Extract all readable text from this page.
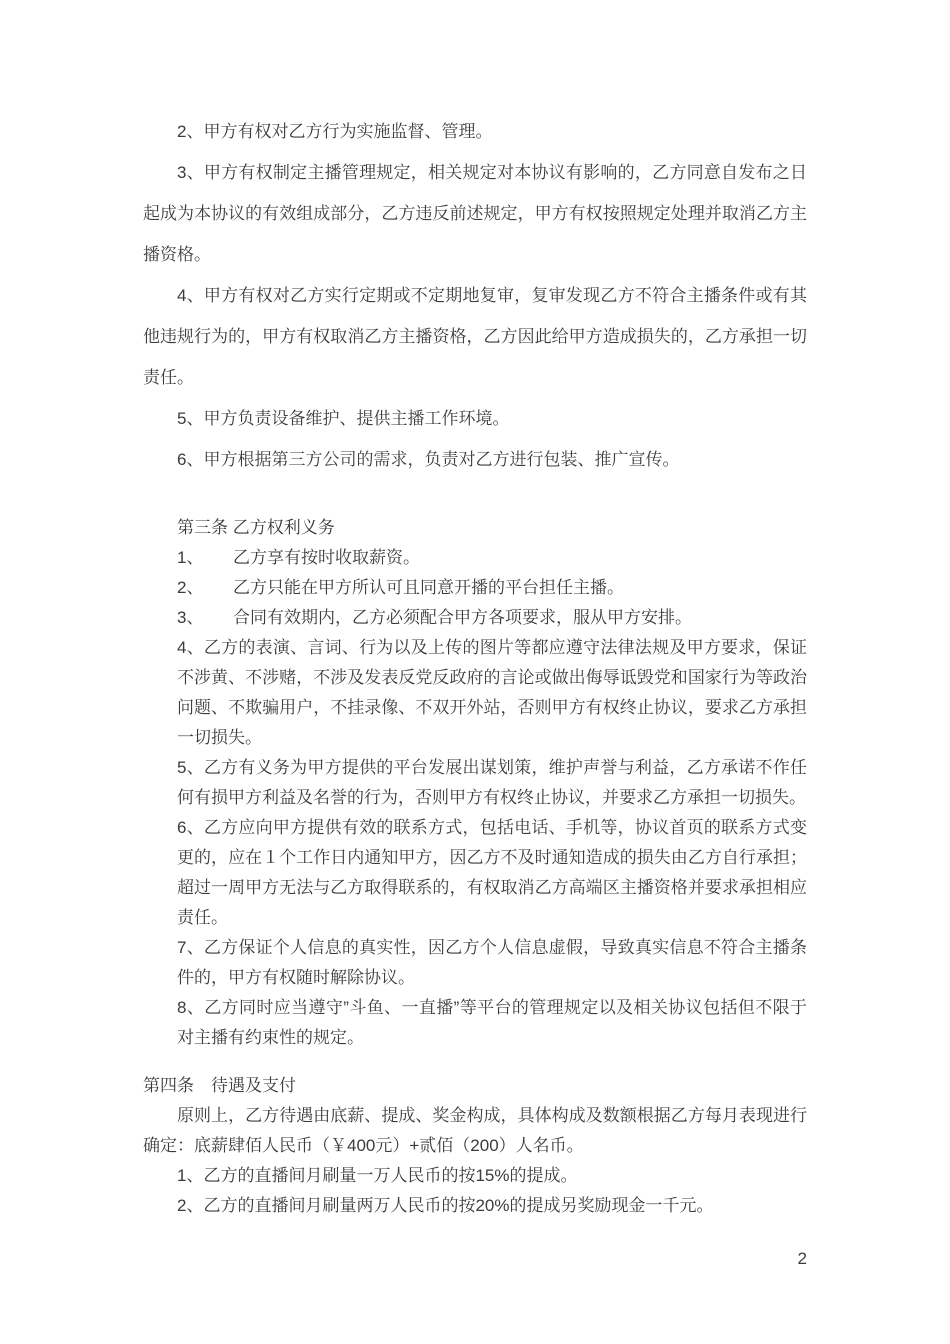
2、甲方有权对乙方行为实施监督、管理。

3、甲方有权制定主播管理规定，相关规定对本协议有影响的，乙方同意自发布之日起成为本协议的有效组成部分，乙方违反前述规定，甲方有权按照规定处理并取消乙方主播资格。

4、甲方有权对乙方实行定期或不定期地复审，复审发现乙方不符合主播条件或有其他违规行为的，甲方有权取消乙方主播资格，乙方因此给甲方造成损失的，乙方承担一切责任。

5、甲方负责设备维护、提供主播工作环境。

6、甲方根据第三方公司的需求，负责对乙方进行包装、推广宣传。

第三条 乙方权利义务

1、 乙方享有按时收取薪资。

2、 乙方只能在甲方所认可且同意开播的平台担任主播。

3、 合同有效期内，乙方必须配合甲方各项要求，服从甲方安排。

4、乙方的表演、言词、行为以及上传的图片等都应遵守法律法规及甲方要求，保证不涉黄、不涉赌，不涉及发表反党反政府的言论或做出侮辱诋毁党和国家行为等政治问题、不欺骗用户，不挂录像、不双开外站，否则甲方有权终止协议，要求乙方承担一切损失。

5、乙方有义务为甲方提供的平台发展出谋划策，维护声誉与利益，乙方承诺不作任何有损甲方利益及名誉的行为，否则甲方有权终止协议，并要求乙方承担一切损失。

6、乙方应向甲方提供有效的联系方式，包括电话、手机等，协议首页的联系方式变更的，应在１个工作日内通知甲方，因乙方不及时通知造成的损失由乙方自行承担；超过一周甲方无法与乙方取得联系的，有权取消乙方高端区主播资格并要求承担相应责任。

7、乙方保证个人信息的真实性，因乙方个人信息虚假，导致真实信息不符合主播条件的，甲方有权随时解除协议。

8、乙方同时应当遵守”斗鱼、一直播”等平台的管理规定以及相关协议包括但不限于对主播有约束性的规定。

第四条　待遇及支付

原则上，乙方待遇由底薪、提成、奖金构成，具体构成及数额根据乙方每月表现进行确定：底薪肆佰人民币（￥400元）+贰佰（200）人名币。

1、乙方的直播间月刷量一万人民币的按15%的提成。

2、乙方的直播间月刷量两万人民币的按20%的提成另奖励现金一千元。

2
